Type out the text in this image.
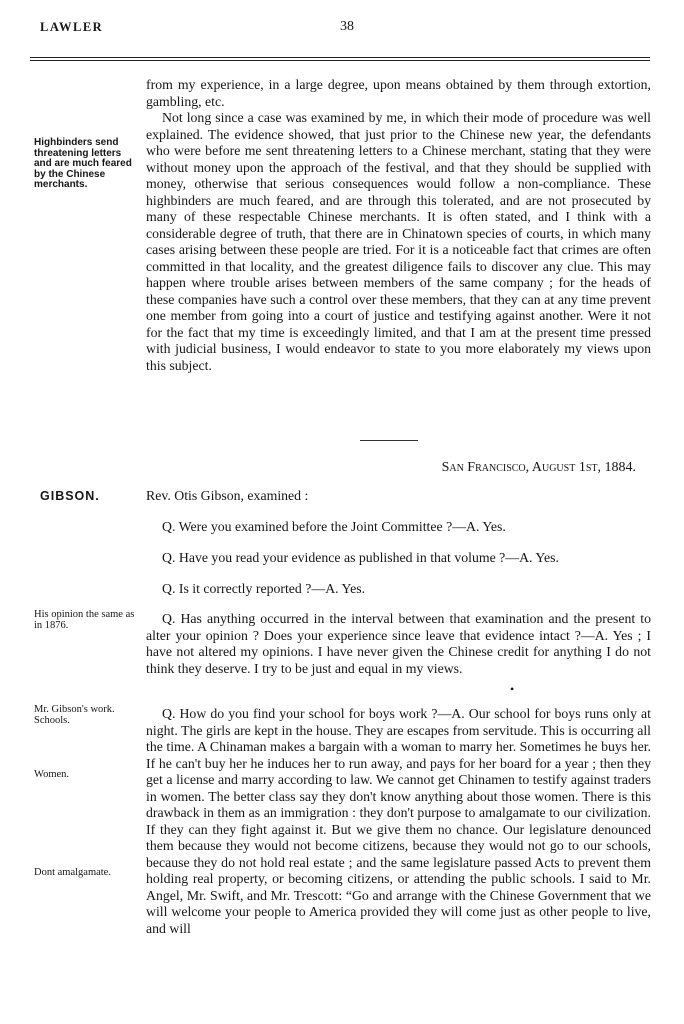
LAWLER	38

from my experience, in a large degree, upon means obtained by them through extortion, gambling, etc.

Not long since a case was examined by me, in which their mode of procedure was well explained. The evidence showed, that just prior to the Chinese new year, the defendants who were before me sent threatening letters to a Chinese merchant, stating that they were without money upon the approach of the festival, and that they should be supplied with money, otherwise that serious consequences would follow a non-compliance. These highbinders are much feared, and are through this tolerated, and are not prosecuted by many of these respectable Chinese merchants. It is often stated, and I think with a considerable degree of truth, that there are in Chinatown species of courts, in which many cases arising between these people are tried. For it is a noticeable fact that crimes are often committed in that locality, and the greatest diligence fails to discover any clue. This may happen where trouble arises between members of the same company ; for the heads of these companies have such a control over these members, that they can at any time prevent one member from going into a court of justice and testifying against another. Were it not for the fact that my time is exceedingly limited, and that I am at the present time pressed with judicial business, I would endeavor to state to you more elaborately my views upon this subject.

Highbinders send threatening letters and are much feared by the Chinese merchants.
San Francisco, August 1st, 1884.
GIBSON.	Rev. Otis Gibson, examined :
Q. Were you examined before the Joint Committee ?—A. Yes.
Q. Have you read your evidence as published in that volume ?—A. Yes.
Q. Is it correctly reported ?—A. Yes.
His opinion the same as in 1876.	Q. Has anything occurred in the interval between that examination and the present to alter your opinion ? Does your experience since leave that evidence intact ?—A. Yes ; I have not altered my opinions. I have never given the Chinese credit for anything I do not think they deserve. I try to be just and equal in my views.
•
Mr. Gibson's work. Schools.
Women.
Dont amalgamate.
Q. How do you find your school for boys work ?—A. Our school for boys runs only at night. The girls are kept in the house. They are escapes from servitude. This is occurring all the time. A Chinaman makes a bargain with a woman to marry her. Sometimes he buys her. If he can't buy her he induces her to run away, and pays for her board for a year ; then they get a license and marry according to law. We cannot get Chinamen to testify against traders in women. The better class say they don't know anything about those women. There is this drawback in them as an immigration : they don't purpose to amalgamate to our civilization. If they can they fight against it. But we give them no chance. Our legislature denounced them because they would not become citizens, because they would not go to our schools, because they do not hold real estate ; and the same legislature passed Acts to prevent them holding real property, or becoming citizens, or attending the public schools. I said to Mr. Angel, Mr. Swift, and Mr. Trescott: “Go and arrange with the Chinese Government that we will welcome your people to America provided they will come just as other people to live, and will
